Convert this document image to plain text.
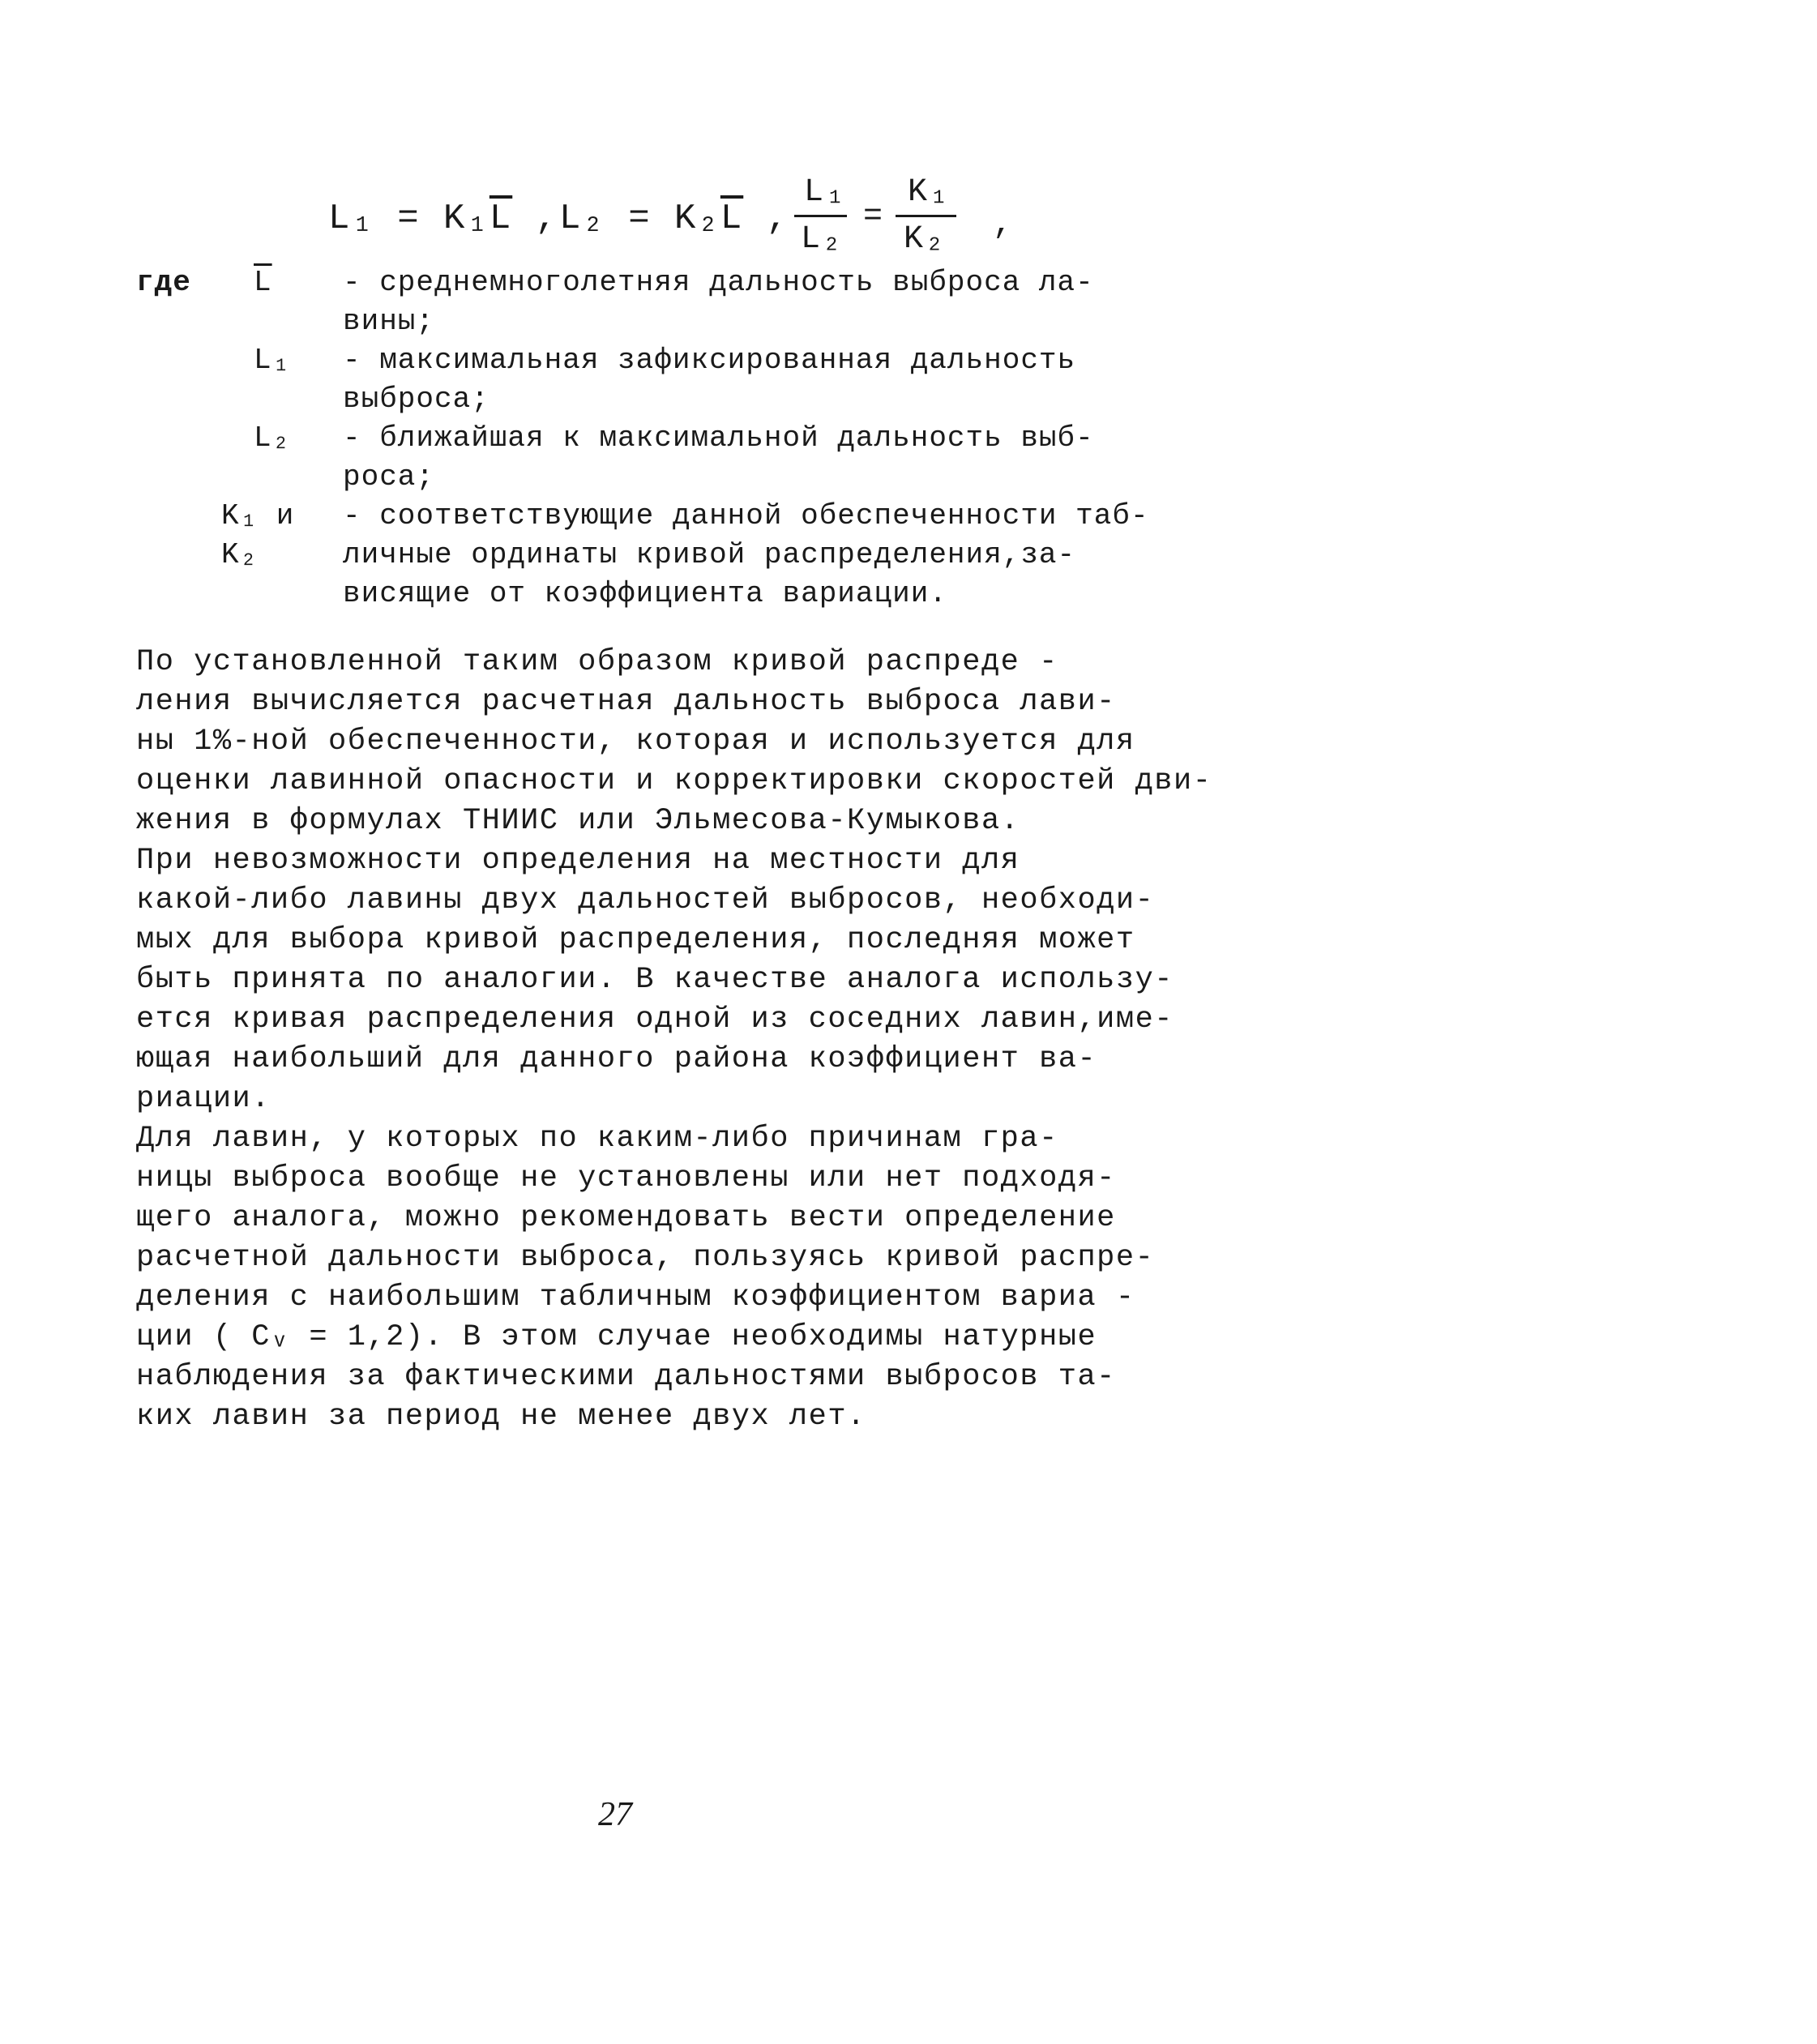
$L_1 = K_1\overline{L}$ , $L_2 = K_2\overline{L}$ ,
L₁
L₂
=
K₁
K₂ ,
где	$\overline{L}$	- среднемноголетняя дальность выброса ла-
вины;
L₁	- максимальная зафиксированная дальность
выброса;
L₂	- ближайшая к максимальной дальность выб-
роса;
K₁ и K₂
- соответствующие данной обеспеченности таб-
личные ординаты кривой распределения,за-
висящие от коэффициента вариации.

По установленной таким образом кривой распреде -
ления вычисляется расчетная дальность выброса лави-
ны 1%-ной обеспеченности, которая и используется для
оценки лавинной опасности и корректировки скоростей дви-
жения в формулах ТНИИС или Эльмесова-Кумыкова.

При невозможности определения на местности для
какой-либо лавины двух дальностей выбросов, необходи-
мых для выбора кривой распределения, последняя может
быть принята по аналогии. В качестве аналога использу-
ется кривая распределения одной из соседних лавин,име-
ющая наибольший для данного района коэффициент ва-
риации.

Для лавин, у которых по каким-либо причинам гра-
ницы выброса вообще не установлены или нет подходя-
щего аналога, можно рекомендовать вести определение
расчетной дальности выброса, пользуясь кривой распре-
деления с наибольшим табличным коэффициентом вариа -
ции ( Cᵥ = 1,2). В этом случае необходимы натурные
наблюдения за фактическими дальностями выбросов та-
ких лавин за период не менее двух лет.

27
